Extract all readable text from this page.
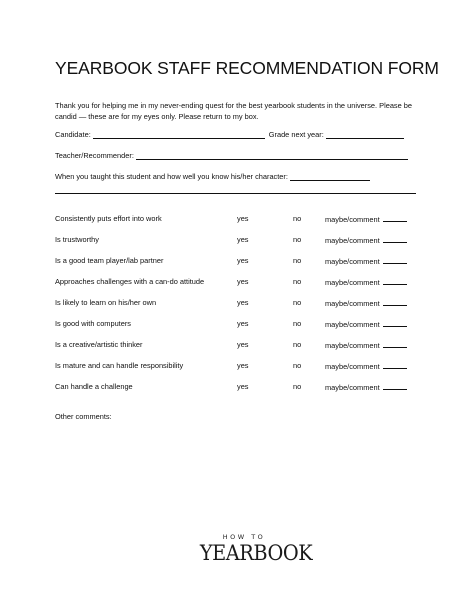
YEARBOOK STAFF RECOMMENDATION FORM
Thank you for helping me in my never-ending quest for the best yearbook students in the universe. Please be candid — these are for my eyes only. Please return to my box.
Candidate:	Grade next year:
Teacher/Recommender:
When you taught this student and how well you know his/her character:
Consistently puts effort into work	yes	no	maybe/comment
Is trustworthy	yes	no	maybe/comment
Is a good team player/lab partner	yes	no	maybe/comment
Approaches challenges with a can-do attitude	yes	no	maybe/comment
Is likely to learn on his/her own	yes	no	maybe/comment
Is good with computers	yes	no	maybe/comment
Is a creative/artistic thinker	yes	no	maybe/comment
Is mature and can handle responsibility	yes	no	maybe/comment
Can handle a challenge	yes	no	maybe/comment
Other comments:
HOW TO
YEARBOOK
